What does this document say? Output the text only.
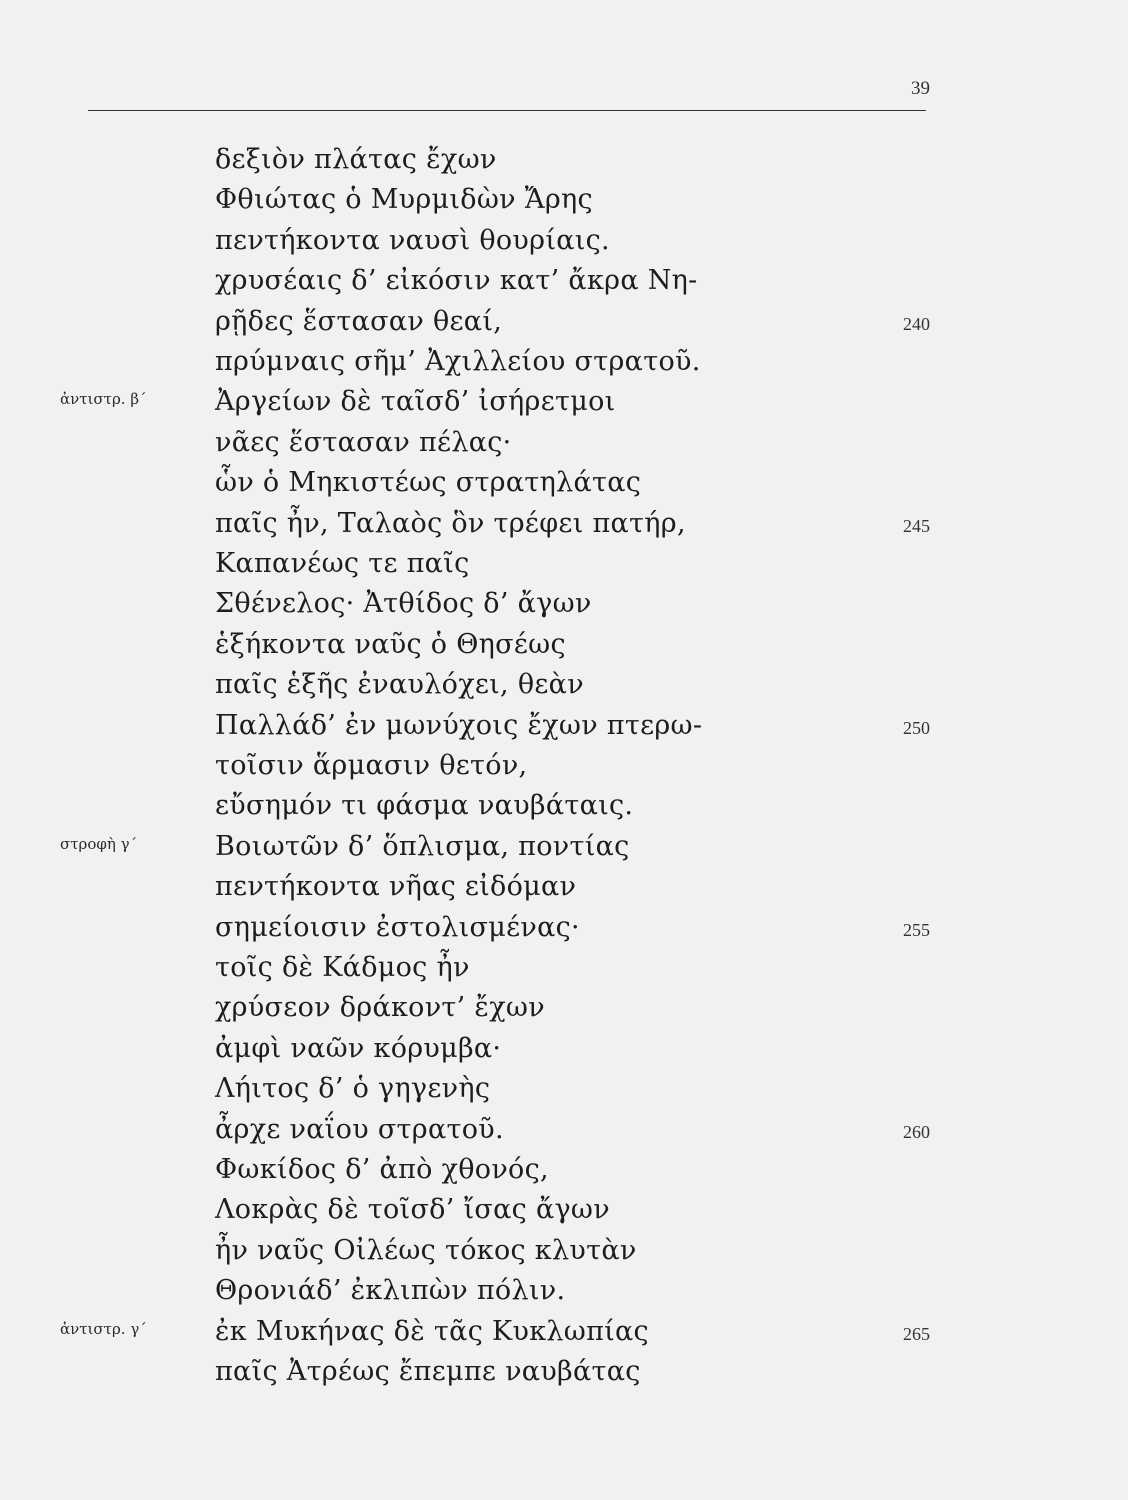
39
δεξιὸν πλάτας ἔχων
Φθιώτας ὁ Μυρμιδὼν Ἄρης
πεντήκοντα ναυσὶ θουρίαις.
χρυσέαις δ’ εἰκόσιν κατ’ ἄκρα Νη-
ρῇδες ἕστασαν θεαί,
πρύμναις σῆμ’ Ἀχιλλείου στρατοῦ.
Ἀργείων δὲ ταῖσδ’ ἰσήρετμοι
νᾶες ἕστασαν πέλας·
ὧν ὁ Μηκιστέως στρατηλάτας
παῖς ἦν, Ταλαὸς ὃν τρέφει πατήρ,
Καπανέως τε παῖς
Σθένελος· Ἀτθίδος δ’ ἄγων
ἑξήκοντα ναῦς ὁ Θησέως
παῖς ἑξῆς ἐναυλόχει, θεὰν
Παλλάδ’ ἐν μωνύχοις ἔχων πτερω-
τοῖσιν ἅρμασιν θετόν,
εὔσημόν τι φάσμα ναυβάταις.
Βοιωτῶν δ’ ὅπλισμα, ποντίας
πεντήκοντα νῆας εἰδόμαν
σημείοισιν ἐστολισμένας·
τοῖς δὲ Κάδμος ἦν
χρύσεον δράκοντ’ ἔχων
ἀμφὶ ναῶν κόρυμβα·
Λήιτος δ’ ὁ γηγενὴς
ἆρχε ναΐου στρατοῦ.
Φωκίδος δ’ ἀπὸ χθονός,
Λοκρὰς δὲ τοῖσδ’ ἴσας ἄγων
ἦν ναῦς Οἰλέως τόκος κλυτὰν
Θρονιάδ’ ἐκλιπὼν πόλιν.
ἐκ Μυκήνας δὲ τᾶς Κυκλωπίας
παῖς Ἀτρέως ἔπεμπε ναυβάτας
ἀντιστρ. β΄
στροφὴ γ΄
ἀντιστρ. γ΄
240
245
250
255
260
265
